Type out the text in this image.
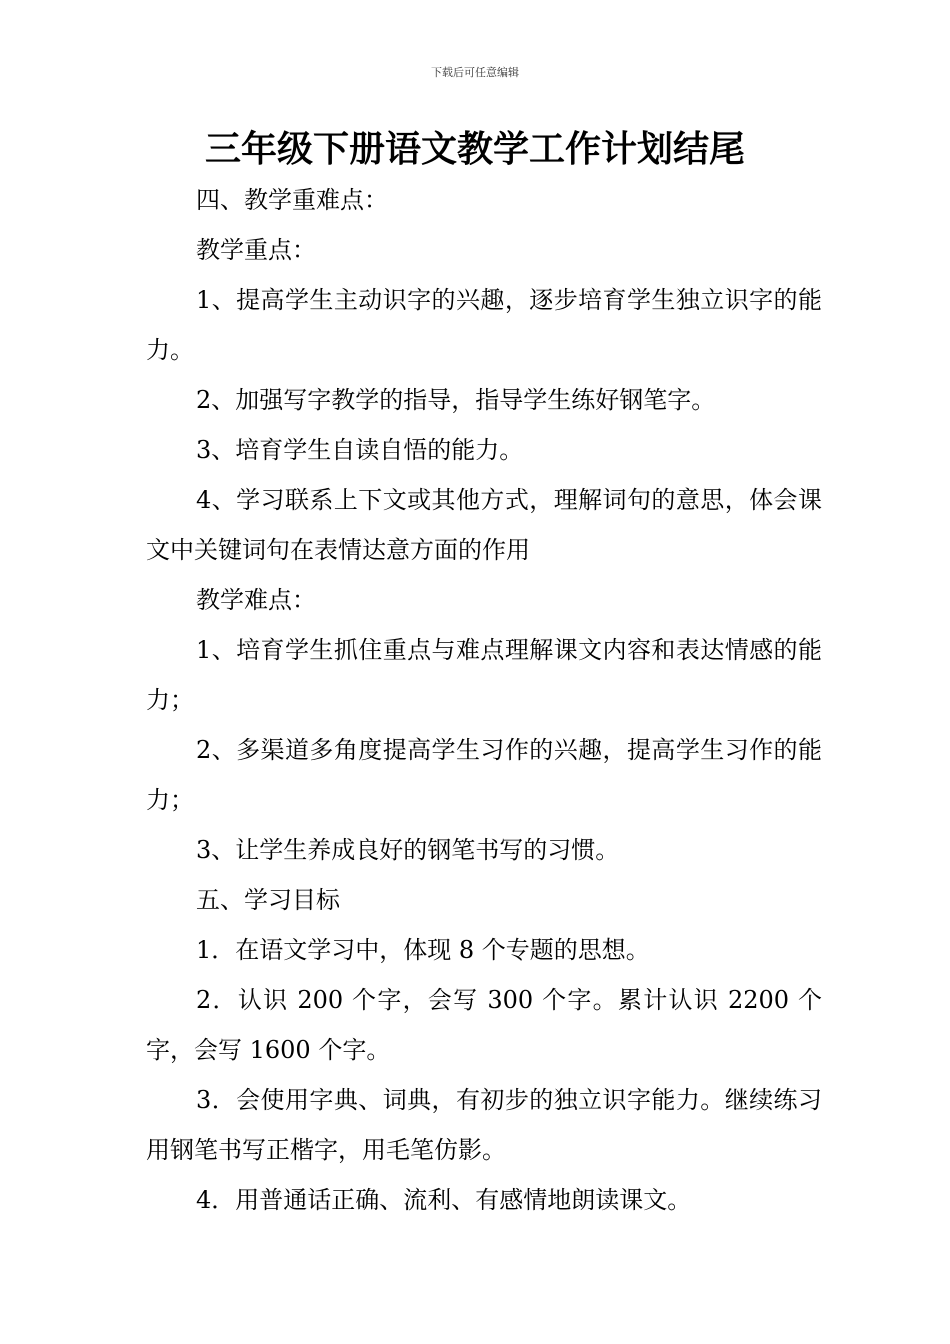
下载后可任意编辑
三年级下册语文教学工作计划结尾

四、教学重难点：

教学重点：

1、提高学生主动识字的兴趣，逐步培育学生独立识字的能力。

2、加强写字教学的指导，指导学生练好钢笔字。

3、培育学生自读自悟的能力。

4、学习联系上下文或其他方式，理解词句的意思，体会课文中关键词句在表情达意方面的作用

教学难点：

1、培育学生抓住重点与难点理解课文内容和表达情感的能力；

2、多渠道多角度提高学生习作的兴趣，提高学生习作的能力；

3、让学生养成良好的钢笔书写的习惯。

五、学习目标

1．在语文学习中，体现 8 个专题的思想。

2．认识 200 个字，会写 300 个字。累计认识 2200 个字，会写 1600 个字。

3．会使用字典、词典，有初步的独立识字能力。继续练习用钢笔书写正楷字，用毛笔仿影。

4．用普通话正确、流利、有感情地朗读课文。
